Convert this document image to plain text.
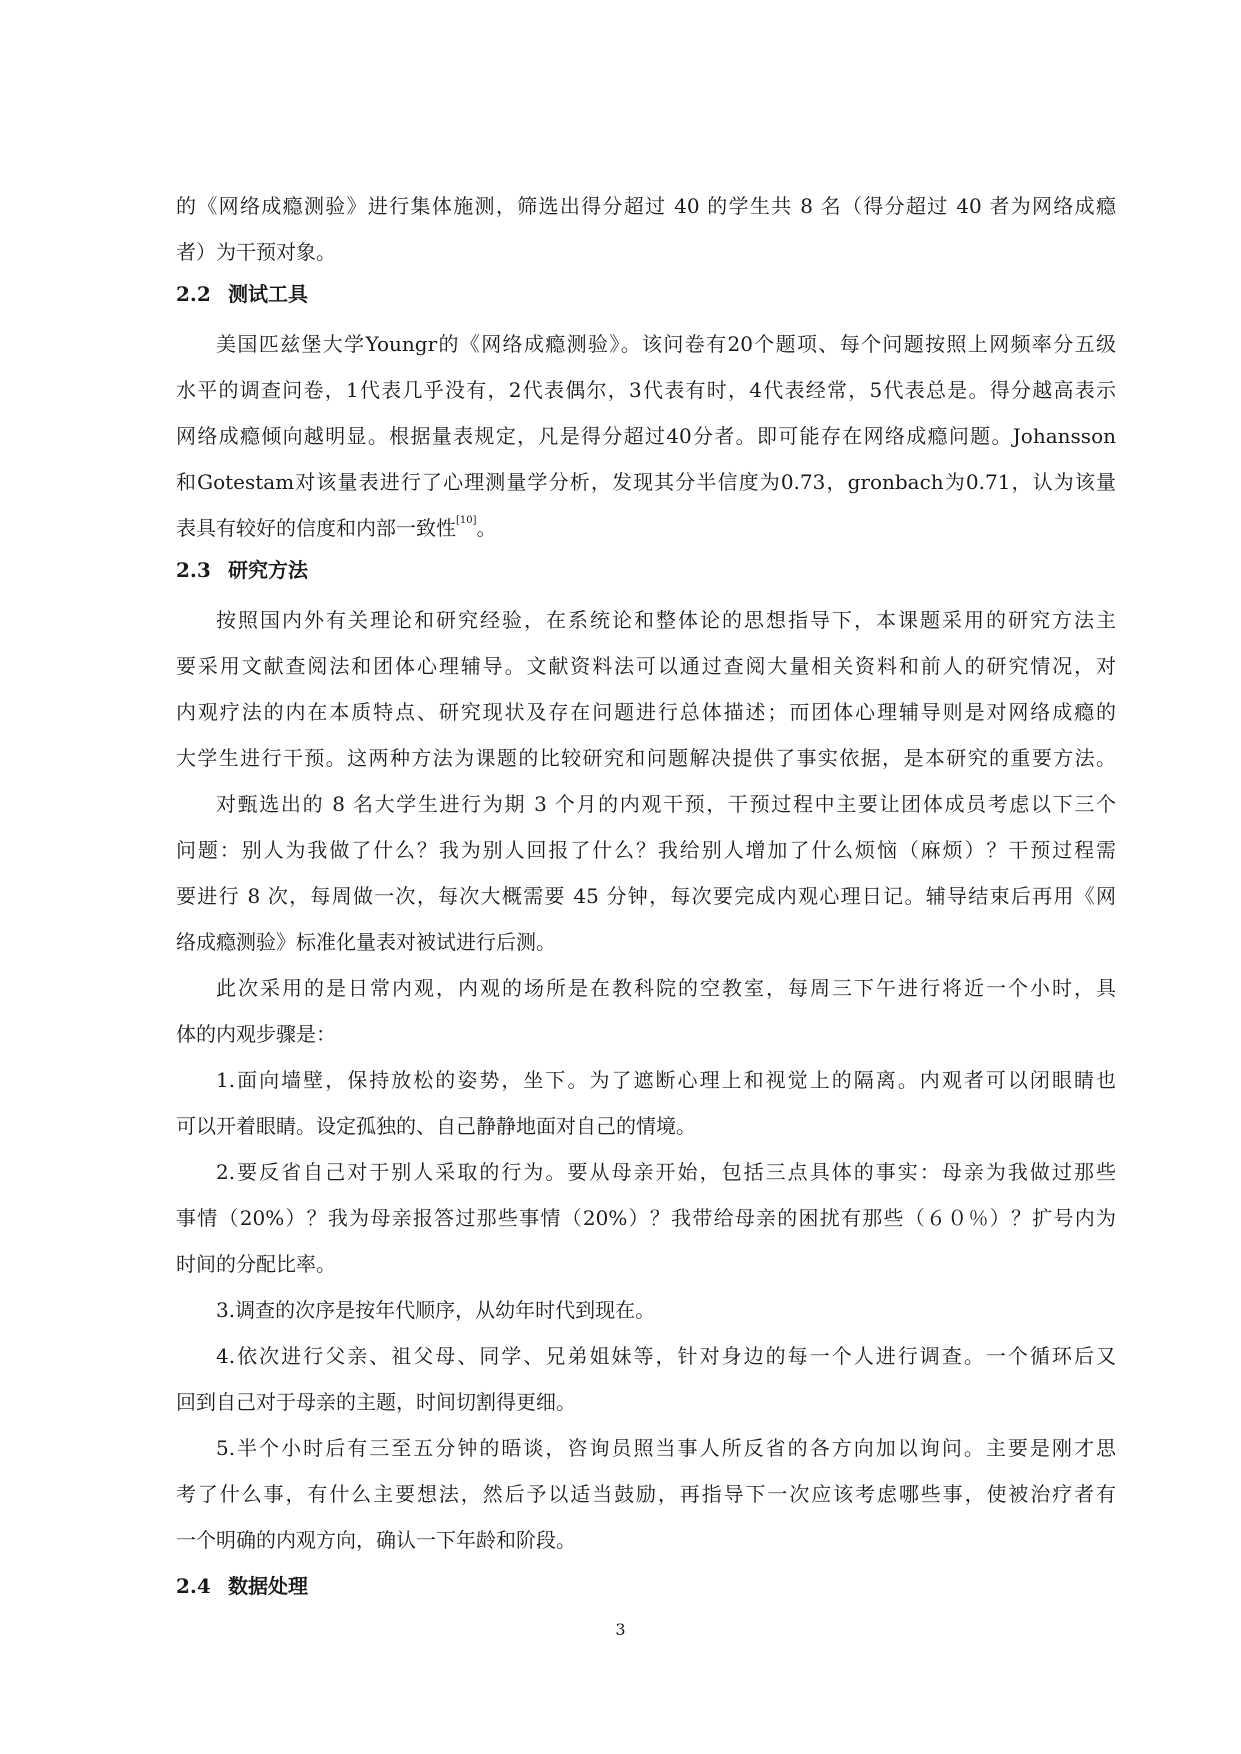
的《网络成瘾测验》进行集体施测，筛选出得分超过 40 的学生共 8 名（得分超过 40 者为网络成瘾
者）为干预对象。
2.2 测试工具
美国匹兹堡大学Youngr的《网络成瘾测验》。该问卷有20个题项、每个问题按照上网频率分五级
水平的调查问卷，1代表几乎没有，2代表偶尔，3代表有时，4代表经常，5代表总是。得分越高表示
网络成瘾倾向越明显。根据量表规定，凡是得分超过40分者。即可能存在网络成瘾问题。Johansson
和Gotestam对该量表进行了心理测量学分析，发现其分半信度为0.73，gronbach为0.71，认为该量
表具有较好的信度和内部一致性[10]。
2.3 研究方法
按照国内外有关理论和研究经验，在系统论和整体论的思想指导下，本课题采用的研究方法主
要采用文献查阅法和团体心理辅导。文献资料法可以通过查阅大量相关资料和前人的研究情况，对
内观疗法的内在本质特点、研究现状及存在问题进行总体描述；而团体心理辅导则是对网络成瘾的
大学生进行干预。这两种方法为课题的比较研究和问题解决提供了事实依据，是本研究的重要方法。
对甄选出的 8 名大学生进行为期 3 个月的内观干预，干预过程中主要让团体成员考虑以下三个
问题：别人为我做了什么？我为别人回报了什么？我给别人增加了什么烦恼（麻烦）？干预过程需
要进行 8 次，每周做一次，每次大概需要 45 分钟，每次要完成内观心理日记。辅导结束后再用《网
络成瘾测验》标准化量表对被试进行后测。
此次采用的是日常内观，内观的场所是在教科院的空教室，每周三下午进行将近一个小时，具
体的内观步骤是：
1.面向墙壁，保持放松的姿势，坐下。为了遮断心理上和视觉上的隔离。内观者可以闭眼睛也
可以开着眼睛。设定孤独的、自己静静地面对自己的情境。
2.要反省自己对于别人采取的行为。要从母亲开始，包括三点具体的事实：母亲为我做过那些
事情（20%）？我为母亲报答过那些事情（20%）？我带给母亲的困扰有那些（６０％）？扩号内为
时间的分配比率。
3.调查的次序是按年代顺序，从幼年时代到现在。
4.依次进行父亲、祖父母、同学、兄弟姐妹等，针对身边的每一个人进行调查。一个循环后又
回到自己对于母亲的主题，时间切割得更细。
5.半个小时后有三至五分钟的晤谈，咨询员照当事人所反省的各方向加以询问。主要是刚才思
考了什么事，有什么主要想法，然后予以适当鼓励，再指导下一次应该考虑哪些事，使被治疗者有
一个明确的内观方向，确认一下年龄和阶段。
2.4 数据处理
3
